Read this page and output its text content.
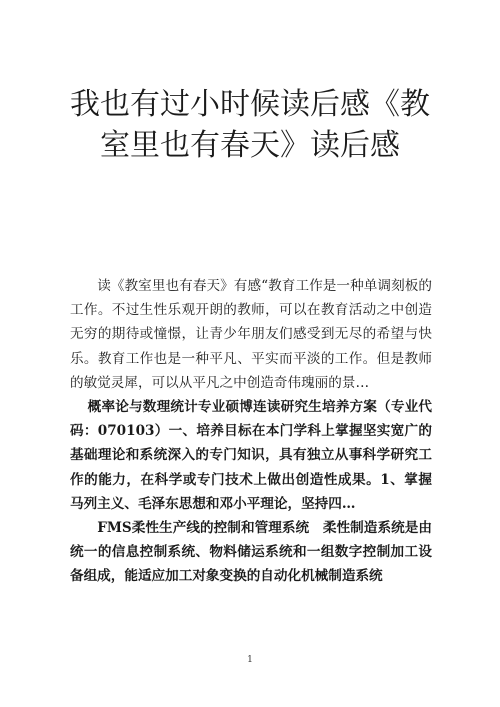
我也有过小时候读后感《教室里也有春天》读后感

读《教室里也有春天》有感“教育工作是一种单调刻板的工作。不过生性乐观开朗的教师，可以在教育活动之中创造无穷的期待或憧憬，让青少年朋友们感受到无尽的希望与快乐。教育工作也是一种平凡、平实而平淡的工作。但是教师的敏觉灵犀，可以从平凡之中创造奇伟瑰丽的景…

概率论与数理统计专业硕博连读研究生培养方案（专业代码：070103）一、培养目标在本门学科上掌握坚实宽广的基础理论和系统深入的专门知识，具有独立从事科学研究工作的能力，在科学或专门技术上做出创造性成果。1、掌握马列主义、毛泽东思想和邓小平理论，坚持四…

FMS柔性生产线的控制和管理系统　柔性制造系统是由统一的信息控制系统、物料储运系统和一组数字控制加工设备组成，能适应加工对象变换的自动化机械制造系统

1
